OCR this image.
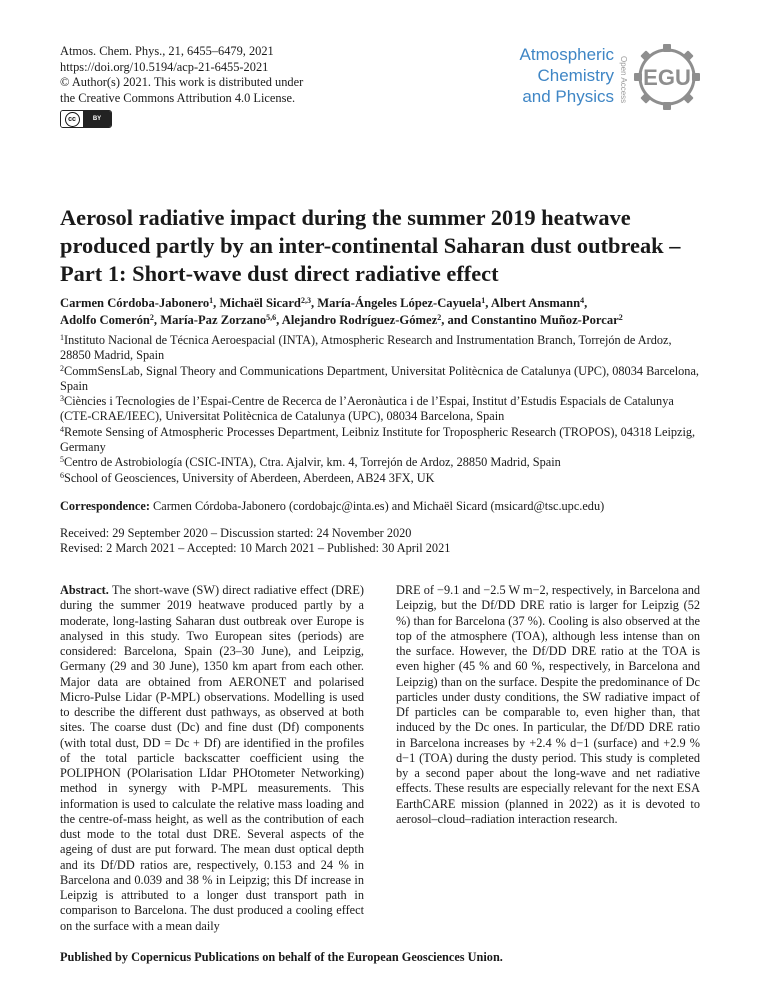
Atmos. Chem. Phys., 21, 6455–6479, 2021
https://doi.org/10.5194/acp-21-6455-2021
© Author(s) 2021. This work is distributed under
the Creative Commons Attribution 4.0 License.
cc	BY
Atmospheric
Chemistry
and Physics Open Access EGU
Aerosol radiative impact during the summer 2019 heatwave
produced partly by an inter-continental Saharan dust outbreak –
Part 1: Short-wave dust direct radiative effect
Carmen Córdoba-Jabonero$^1$, Michaël Sicard$^{2,3}$, María-Ángeles López-Cayuela$^1$, Albert Ansmann$^4$,
Adolfo Comerón$^2$, María-Paz Zorzano$^{5,6}$, Alejandro Rodríguez-Gómez$^2$, and Constantino Muñoz-Porcar$^2$
$^1$Instituto Nacional de Técnica Aeroespacial (INTA), Atmospheric Research and Instrumentation Branch, Torrejón de Ardoz, 28850 Madrid, Spain
$^2$CommSensLab, Signal Theory and Communications Department, Universitat Politècnica de Catalunya (UPC), 08034 Barcelona, Spain
$^3$Ciències i Tecnologies de l’Espai-Centre de Recerca de l’Aeronàutica i de l’Espai, Institut d’Estudis Espacials de Catalunya (CTE-CRAE/IEEC), Universitat Politècnica de Catalunya (UPC), 08034 Barcelona, Spain
$^4$Remote Sensing of Atmospheric Processes Department, Leibniz Institute for Tropospheric Research (TROPOS), 04318 Leipzig, Germany
$^5$Centro de Astrobiología (CSIC-INTA), Ctra. Ajalvir, km. 4, Torrejón de Ardoz, 28850 Madrid, Spain
$^6$School of Geosciences, University of Aberdeen, Aberdeen, AB24 3FX, UK
Correspondence: Carmen Córdoba-Jabonero (cordobajc@inta.es) and Michaël Sicard (msicard@tsc.upc.edu)
Received: 29 September 2020 – Discussion started: 24 November 2020
Revised: 2 March 2021 – Accepted: 10 March 2021 – Published: 30 April 2021
Abstract. The short-wave (SW) direct radiative effect (DRE) during the summer 2019 heatwave produced partly by a moderate, long-lasting Saharan dust outbreak over Europe is analysed in this study. Two European sites (periods) are considered: Barcelona, Spain (23–30 June), and Leipzig, Germany (29 and 30 June), 1350 km apart from each other. Major data are obtained from AERONET and polarised Micro-Pulse Lidar (P-MPL) observations. Modelling is used to describe the different dust pathways, as observed at both sites. The coarse dust (Dc) and fine dust (Df) components (with total dust, DD = Dc + Df) are identified in the profiles of the total particle backscatter coefficient using the POLIPHON (POlarisation LIdar PHOtometer Networking) method in synergy with P-MPL measurements. This information is used to calculate the relative mass loading and the centre-of-mass height, as well as the contribution of each dust mode to the total dust DRE. Several aspects of the ageing of dust are put forward. The mean dust optical depth and its Df/DD ratios are, respectively, 0.153 and 24 % in Barcelona and 0.039 and 38 % in Leipzig; this Df increase in Leipzig is attributed to a longer dust transport path in comparison to Barcelona. The dust produced a cooling effect on the surface with a mean daily
DRE of −9.1 and −2.5 W m−2, respectively, in Barcelona and Leipzig, but the Df/DD DRE ratio is larger for Leipzig (52 %) than for Barcelona (37 %). Cooling is also observed at the top of the atmosphere (TOA), although less intense than on the surface. However, the Df/DD DRE ratio at the TOA is even higher (45 % and 60 %, respectively, in Barcelona and Leipzig) than on the surface. Despite the predominance of Dc particles under dusty conditions, the SW radiative impact of Df particles can be comparable to, even higher than, that induced by the Dc ones. In particular, the Df/DD DRE ratio in Barcelona increases by +2.4 % d−1 (surface) and +2.9 % d−1 (TOA) during the dusty period. This study is completed by a second paper about the long-wave and net radiative effects. These results are especially relevant for the next ESA EarthCARE mission (planned in 2022) as it is devoted to aerosol–cloud–radiation interaction research.
Published by Copernicus Publications on behalf of the European Geosciences Union.
